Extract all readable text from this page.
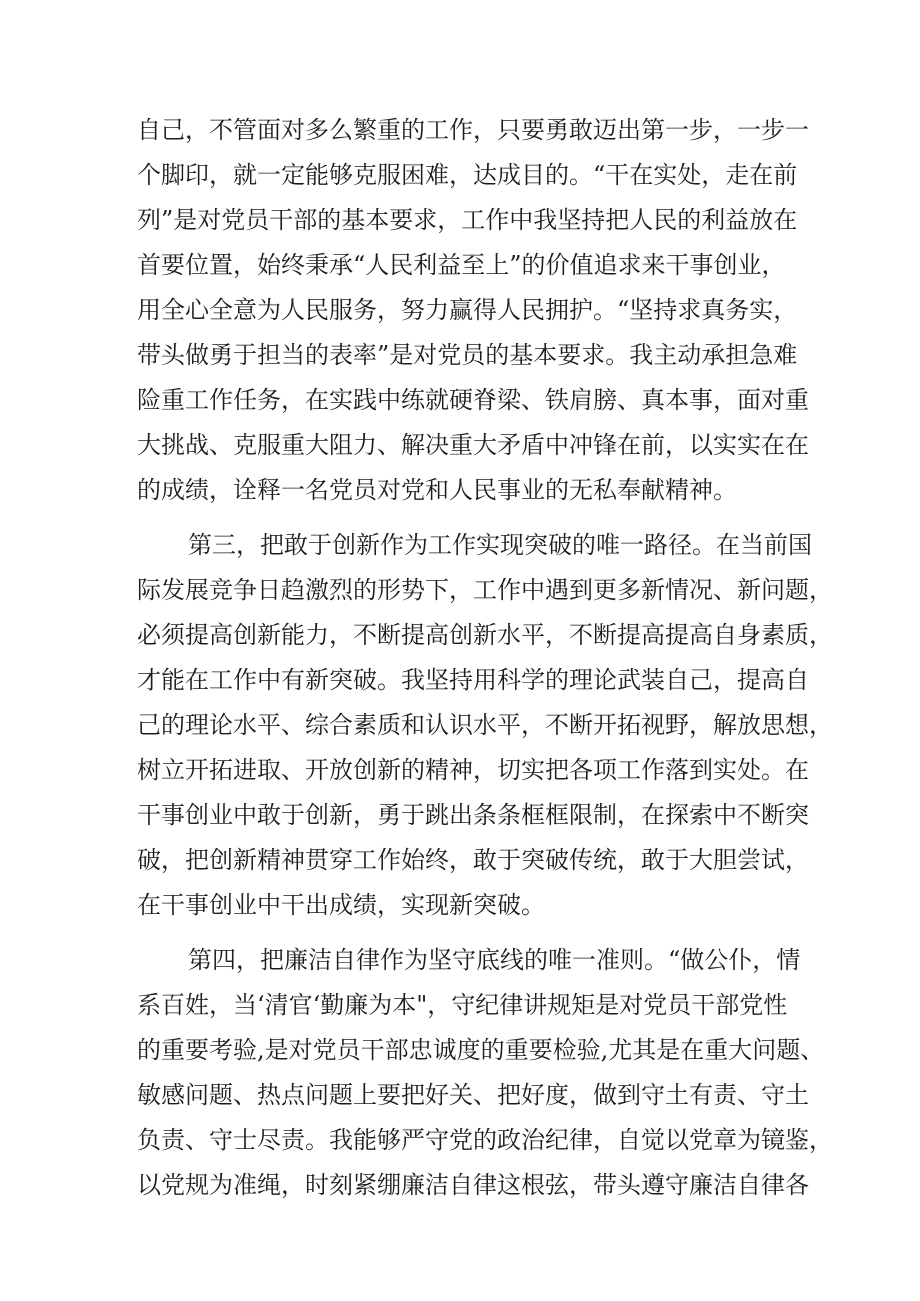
自己，不管面对多么繁重的工作，只要勇敢迈出第一步，一步一
个脚印，就一定能够克服困难，达成目的。“干在实处，走在前
列”是对党员干部的基本要求，工作中我坚持把人民的利益放在
首要位置，始终秉承“人民利益至上”的价值追求来干事创业，
用全心全意为人民服务，努力赢得人民拥护。“坚持求真务实，
带头做勇于担当的表率”是对党员的基本要求。我主动承担急难
险重工作任务，在实践中练就硬脊梁、铁肩膀、真本事，面对重
大挑战、克服重大阻力、解决重大矛盾中冲锋在前，以实实在在
的成绩，诠释一名党员对党和人民事业的无私奉献精神。
第三，把敢于创新作为工作实现突破的唯一路径。在当前国
际发展竞争日趋激烈的形势下，工作中遇到更多新情况、新问题，
必须提高创新能力，不断提高创新水平，不断提高提高自身素质，
才能在工作中有新突破。我坚持用科学的理论武装自己，提高自
己的理论水平、综合素质和认识水平，不断开拓视野，解放思想，
树立开拓进取、开放创新的精神，切实把各项工作落到实处。在
干事创业中敢于创新，勇于跳出条条框框限制，在探索中不断突
破，把创新精神贯穿工作始终，敢于突破传统，敢于大胆尝试，
在干事创业中干出成绩，实现新突破。
第四，把廉洁自律作为坚守底线的唯一准则。“做公仆，情
系百姓，当‘清官‘勤廉为本"，守纪律讲规矩是对党员干部党性
的重要考验,是对党员干部忠诚度的重要检验,尤其是在重大问题、
敏感问题、热点问题上要把好关、把好度，做到守土有责、守土
负责、守士尽责。我能够严守党的政治纪律，自觉以党章为镜鉴，
以党规为准绳，时刻紧绷廉洁自律这根弦，带头遵守廉洁自律各
